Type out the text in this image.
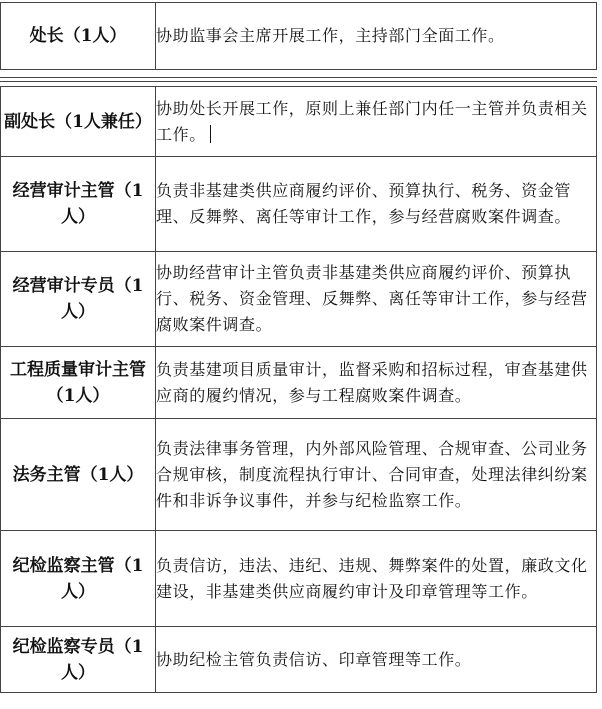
处长（1人）	协助监事会主席开展工作，主持部门全面工作。
副处长（1人兼任）	协助处长开展工作，原则上兼任部门内任一主管并负责相关工作。
经营审计主管（1人）	负责非基建类供应商履约评价、预算执行、税务、资金管理、反舞弊、离任等审计工作，参与经营腐败案件调查。
经营审计专员（1人）	协助经营审计主管负责非基建类供应商履约评价、预算执行、税务、资金管理、反舞弊、离任等审计工作，参与经营腐败案件调查。
工程质量审计主管（1人）	负责基建项目质量审计，监督采购和招标过程，审查基建供应商的履约情况，参与工程腐败案件调查。
法务主管（1人）	负责法律事务管理，内外部风险管理、合规审查、公司业务合规审核，制度流程执行审计、合同审查，处理法律纠纷案件和非诉争议事件，并参与纪检监察工作。
纪检监察主管（1人）	负责信访，违法、违纪、违规、舞弊案件的处置，廉政文化建设，非基建类供应商履约审计及印章管理等工作。
纪检监察专员（1人）	协助纪检主管负责信访、印章管理等工作。
